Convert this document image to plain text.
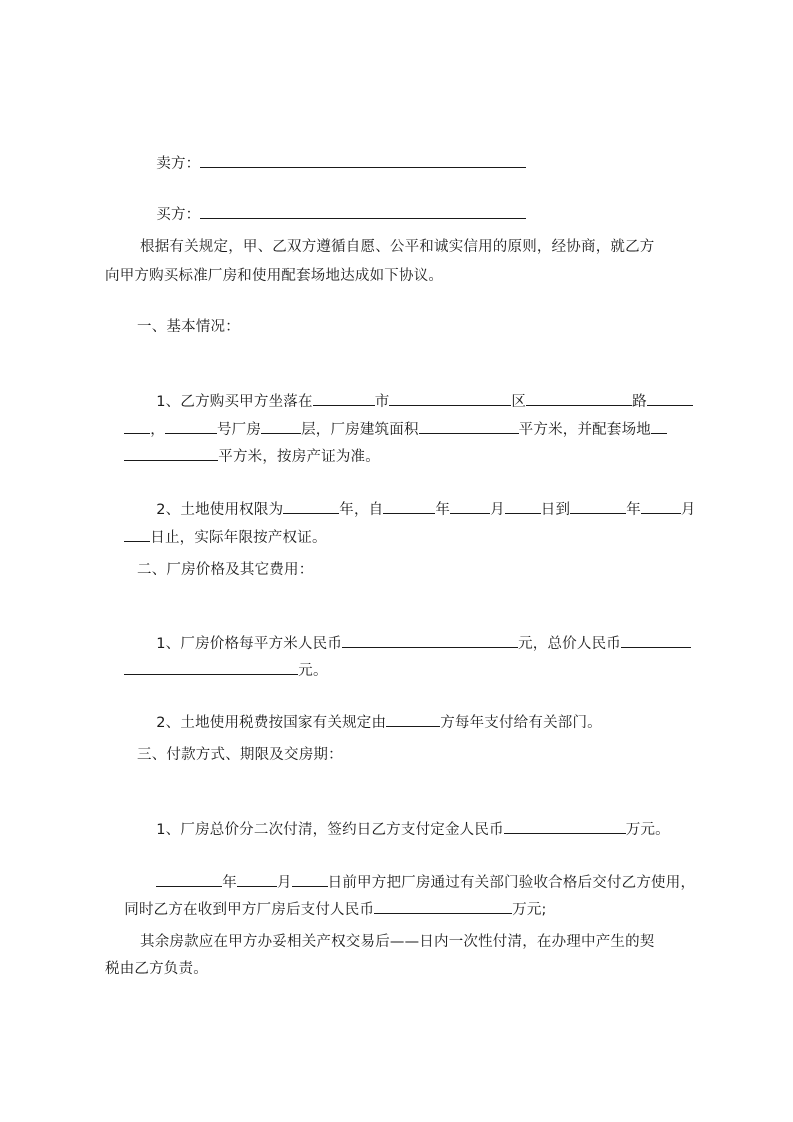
卖方：

买方：

根据有关规定，甲、乙双方遵循自愿、公平和诚实信用的原则，经协商，就乙方
向甲方购买标准厂房和使用配套场地达成如下协议。
一、基本情况：

1、乙方购买甲方坐落在	市	区	路

，	号厂房	层，厂房建筑面积	平方米，并配套场地

平方米，按房产证为准。

2、土地使用权限为	年，自	年	月 日到	年	月

日止，实际年限按产权证。

二、厂房价格及其它费用：

1、厂房价格每平方米人民币	元，总价人民币

元。

2、土地使用税费按国家有关规定由	方每年支付给有关部门。

三、付款方式、期限及交房期：

1、厂房总价分二次付清，签约日乙方支付定金人民币	万元。

年	月 日前甲方把厂房通过有关部门验收合格后交付乙方使用，

同时乙方在收到甲方厂房后支付人民币	万元;

其余房款应在甲方办妥相关产权交易后——日内一次性付清，在办理中产生的契
税由乙方负责。
